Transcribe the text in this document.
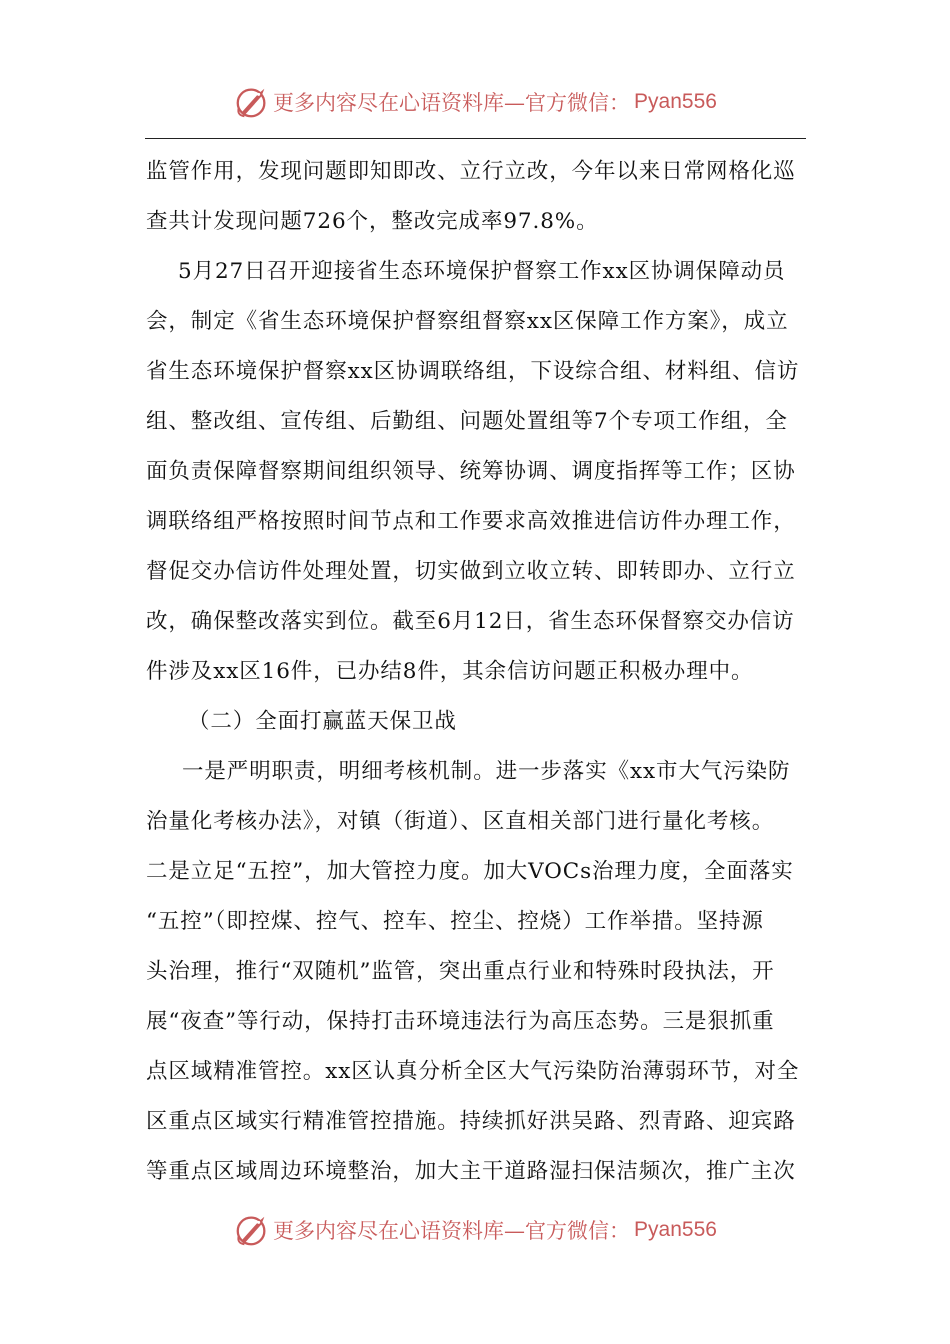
更多内容尽在心语资料库—官方微信： Pyan556
监管作用，发现问题即知即改、立行立改，今年以来日常网格化巡
查共计发现问题726个，整改完成率97.8%。
5月27日召开迎接省生态环境保护督察工作xx区协调保障动员
会，制定《省生态环境保护督察组督察xx区保障工作方案》，成立
省生态环境保护督察xx区协调联络组，下设综合组、材料组、信访
组、整改组、宣传组、后勤组、问题处置组等7个专项工作组，全
面负责保障督察期间组织领导、统筹协调、调度指挥等工作；区协
调联络组严格按照时间节点和工作要求高效推进信访件办理工作，
督促交办信访件处理处置，切实做到立收立转、即转即办、立行立
改，确保整改落实到位。截至6月12日，省生态环保督察交办信访
件涉及xx区16件，已办结8件，其余信访问题正积极办理中。
（二）全面打赢蓝天保卫战
一是严明职责，明细考核机制。进一步落实《xx市大气污染防
治量化考核办法》，对镇（街道）、区直相关部门进行量化考核。
二是立足“五控”，加大管控力度。加大VOCs治理力度，全面落实
“五控”（即控煤、控气、控车、控尘、控烧）工作举措。坚持源
头治理，推行“双随机”监管，突出重点行业和特殊时段执法，开
展“夜查”等行动，保持打击环境违法行为高压态势。三是狠抓重
点区域精准管控。xx区认真分析全区大气污染防治薄弱环节，对全
区重点区域实行精准管控措施。持续抓好洪吴路、烈青路、迎宾路
等重点区域周边环境整治，加大主干道路湿扫保洁频次，推广主次
更多内容尽在心语资料库—官方微信： Pyan556
